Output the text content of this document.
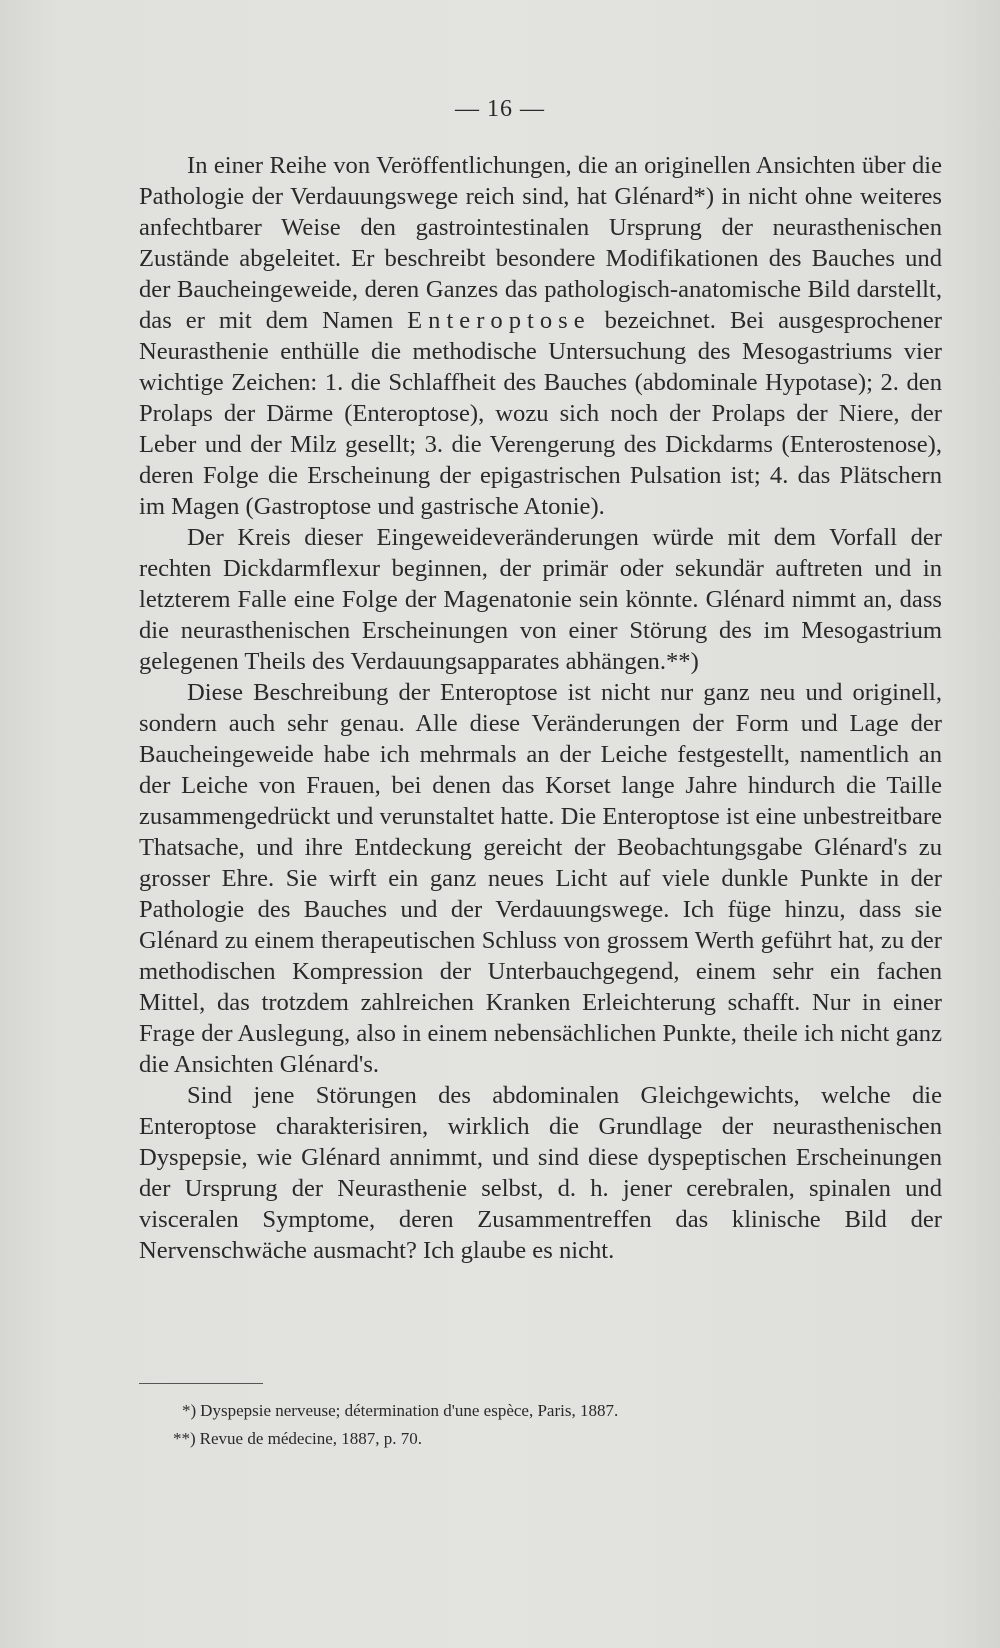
— 16 —

In einer Reihe von Veröffentlichungen, die an originellen Ansichten über die Pathologie der Verdauungswege reich sind, hat Glénard*) in nicht ohne weiteres anfechtbarer Weise den gastrointestinalen Ursprung der neurasthenischen Zustände abgeleitet. Er beschreibt besondere Modifikationen des Bauches und der Baucheingeweide, deren Ganzes das pathologisch-anatomische Bild darstellt, das er mit dem Namen Enteroptose bezeichnet. Bei ausgesprochener Neurasthenie enthülle die methodische Untersuchung des Mesogastriums vier wichtige Zeichen: 1. die Schlaffheit des Bauches (abdominale Hypotase); 2. den Prolaps der Därme (Enteroptose), wozu sich noch der Prolaps der Niere, der Leber und der Milz gesellt; 3. die Verengerung des Dickdarms (Enterostenose), deren Folge die Erscheinung der epigastrischen Pulsation ist; 4. das Plätschern im Magen (Gastroptose und gastrische Atonie).

Der Kreis dieser Eingeweideveränderungen würde mit dem Vorfall der rechten Dickdarmflexur beginnen, der primär oder sekundär auftreten und in letzterem Falle eine Folge der Magenatonie sein könnte. Glénard nimmt an, dass die neurasthenischen Erscheinungen von einer Störung des im Mesogastrium gelegenen Theils des Verdauungsapparates abhängen.**)

Diese Beschreibung der Enteroptose ist nicht nur ganz neu und originell, sondern auch sehr genau. Alle diese Veränderungen der Form und Lage der Baucheingeweide habe ich mehrmals an der Leiche festgestellt, namentlich an der Leiche von Frauen, bei denen das Korset lange Jahre hindurch die Taille zusammengedrückt und verunstaltet hatte. Die Enteroptose ist eine unbestreitbare Thatsache, und ihre Entdeckung gereicht der Beobachtungsgabe Glénard's zu grosser Ehre. Sie wirft ein ganz neues Licht auf viele dunkle Punkte in der Pathologie des Bauches und der Verdauungswege. Ich füge hinzu, dass sie Glénard zu einem therapeutischen Schluss von grossem Werth geführt hat, zu der methodischen Kompression der Unterbauchgegend, einem sehr ein fachen Mittel, das trotzdem zahlreichen Kranken Erleichterung schafft. Nur in einer Frage der Auslegung, also in einem nebensächlichen Punkte, theile ich nicht ganz die Ansichten Glénard's.

Sind jene Störungen des abdominalen Gleichgewichts, welche die Enteroptose charakterisiren, wirklich die Grundlage der neurasthenischen Dyspepsie, wie Glénard annimmt, und sind diese dyspeptischen Erscheinungen der Ursprung der Neurasthenie selbst, d. h. jener cerebralen, spinalen und visceralen Symptome, deren Zusammentreffen das klinische Bild der Nervenschwäche ausmacht? Ich glaube es nicht.

*) Dyspepsie nerveuse; détermination d'une espèce, Paris, 1887.
**) Revue de médecine, 1887, p. 70.
